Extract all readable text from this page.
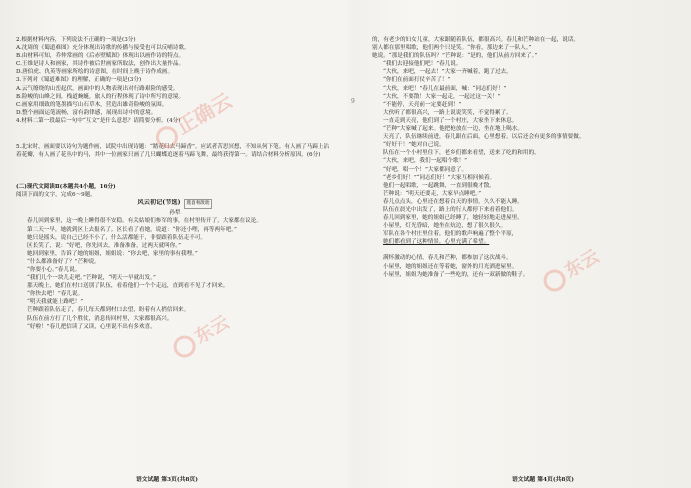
2.根据材料内容，下列说法不正确的一项是(3分)

A.沈周的《蜀道难图》充分体现出诗歌的传播与接受也可以反哺诗歌。

B.由材料可知，乔仲常画的《后赤壁赋图》体现出以画作诗的特点。

C.王维是诗人和画家，其诗作被后世画家所取法，创作出大量作品。

D.唐伯虎、仇英等画家所绘的诗意图，在时间上晚于诗作成画。

3.下列对《蜀道难图》的理解，正确的一项是(3分)

A.云气缭绕的山峦起伏，画面中的人物表现出对行路艰险的感受。

B.险峻的山峰之间，栈道蜿蜒，旅人的行程体现了诗中所写的意境。

C.画家用细致的笔墨描写山石草木，营造出雄奇险峻的氛围。

D.整个画面运笔流畅，富有韵律感，展现出诗中的意境。

4.材料二第一段最后一句中“互文”是什么意思？请简要分析。(4分)

5.北宋时，画面要以诗句为题作画，试院中出现诗题：“踏花归去马蹄香”。应试者苦思冥想，不知从何下笔。有人画了马蹄上沾着花瓣，有人画了花丛中的马，其中一位画家只画了几只蝴蝶追逐着马蹄飞舞，最终获得第一。请结合材料分析原因。(6分)

(二)现代文阅读Ⅱ(本题共4小题，16分)

阅读下面的文字，完成6～9题。

风云初记(节选) 选自有改动

孙犁

春儿回到家里，这一晚上睡得很不安稳。有关姑娘们参军的事，在村里传开了，大家都在议论。

第二天一早，她就到区上去报名了。区长看了看她，说道：“你还小哩，再等两年吧。”

她只是摇头，说自己已经不小了，什么活都能干，非要跟着队伍走不可。

区长笑了，说：“好吧，你先回去，准备准备，过两天就叫你。”

她回到家里，告诉了她的姐姐，姐姐说：“你去吧，家里的事有我哩。”

“什么都准备好了？”芒种说。

“你要小心。”春儿说。

“我们几个一块儿走吧。”芒种说，“明天一早就出发。”

那天晚上，她们在村口送别了队伍，看着他们一个个走远，直到看不见了才回来。

“你快去吧！”春儿说。

“明天我就能上路吧！”

芒种跟着队伍走了，春儿每天都到村口去望，盼着有人捎信回来。

队伍在前方打了几个胜仗，消息传回村里，大家都很高兴。

“好啦！”春儿把信读了又读，心里说不出有多欢喜。

9

的，有老少的妇女儿童，大家跟随着队伍，都很高兴。春儿和芒种站在一起，说话。

别人都在那里唱歌，他们两个只是笑。“你看，那边来了一队人。”

她说。“那是我们的队伍吗？”芒种说：“是的，他们从前方回来了。”

“我们去迎接他们吧！”春儿说。

“大伙，来吧，一起去！”大家一齐喊着，跑了过去。

“你们在前面打仗辛苦了！”

“大伙，来吧！”春儿在最前面，喊：“同志们好！”

“大伙，不要散！大家一起走，一起过这一关！”

“不能停，天亮前一定要赶到！”

大伙听了都很高兴，一路上说说笑笑，不觉得累了。

一直走到天亮，他们到了一个村庄，大家坐下来休息。

“芒种”大家喊了起来。他把枪放在一边，坐在地上喝水。

天亮了，队伍继续前进，春儿跟在后面，心里想着，以后还会有更多的事情要做。

“好好干！”她对自己说。

队伍在一个小村里住下，老乡们都来看望，送来了吃的和用的。

“大伙，来吧，我们一起唱个歌！”

“好吧，唱一个！”大家都同意了。

“老乡们好！”“同志们好！”大家互相问候着。

他们一起唱歌，一起跳舞，一直到很晚才散。

芒种说：“明天还要走，大家早点睡吧。”

春儿点点头，心里还在想着白天的事情，久久不能入睡。

队伍在晨光中出发了，路上的行人都停下来看着他们。

春儿回到家里，她的姐姐已经睡了，她轻轻地走进屋里。

小屋里，灯光昏暗，她坐在炕边，想了很久很久。

军队在各个村庄里住着，他们的歌声响遍了整个平原，

她们都看到了这种情景，心里充满了希望。

满怀激动的心情，春儿和芒种，都参加了这次战斗。

小屋里，她的姐姐还在等着她，窗外的月光洒进屋里。

小屋里，姐姐为她准备了一些吃的，还有一双新做的鞋子。

正确云
东云
东云
语文试题 第3页(共8页)	语文试题 第4页(共8页)
